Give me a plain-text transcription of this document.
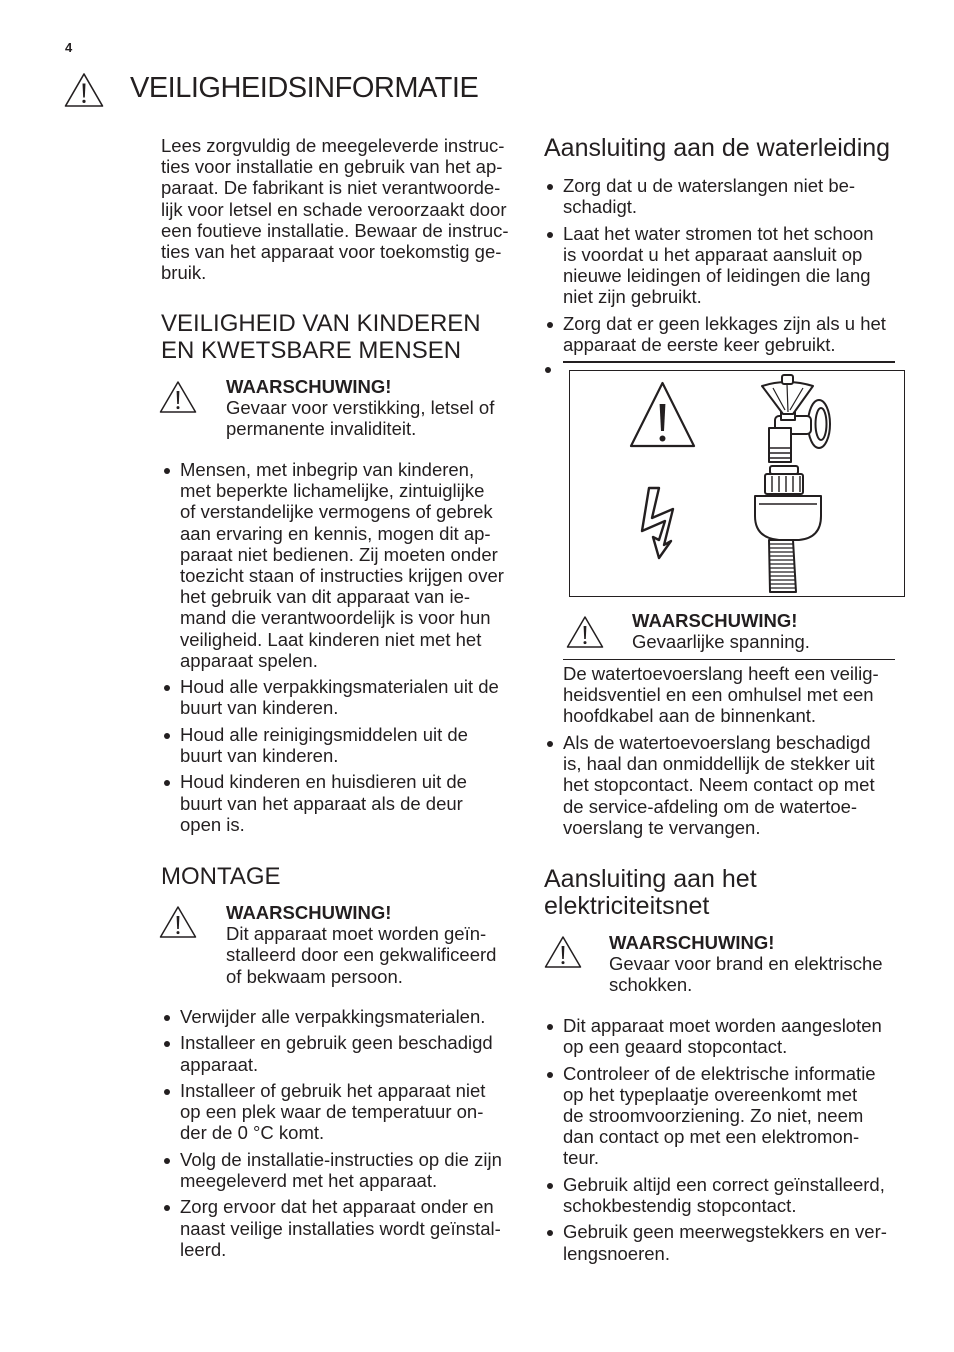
4
VEILIGHEIDSINFORMATIE

Lees zorgvuldig de meegeleverde instruc-
ties voor installatie en gebruik van het ap-
paraat. De fabrikant is niet verantwoorde-
lijk voor letsel en schade veroorzaakt door
een foutieve installatie. Bewaar de instruc-
ties van het apparaat voor toekomstig ge-
bruik.

VEILIGHEID VAN KINDEREN
EN KWETSBARE MENSEN
WAARSCHUWING!
Gevaar voor verstikking, letsel of
permanente invaliditeit.
Mensen, met inbegrip van kinderen,
met beperkte lichamelijke, zintuiglijke
of verstandelijke vermogens of gebrek
aan ervaring en kennis, mogen dit ap-
paraat niet bedienen. Zij moeten onder
toezicht staan of instructies krijgen over
het gebruik van dit apparaat van ie-
mand die verantwoordelijk is voor hun
veiligheid. Laat kinderen niet met het
apparaat spelen.
Houd alle verpakkingsmaterialen uit de
buurt van kinderen.
Houd alle reinigingsmiddelen uit de
buurt van kinderen.
Houd kinderen en huisdieren uit de
buurt van het apparaat als de deur
open is.
MONTAGE
WAARSCHUWING!
Dit apparaat moet worden geïn-
stalleerd door een gekwalificeerd
of bekwaam persoon.
Verwijder alle verpakkingsmaterialen.
Installeer en gebruik geen beschadigd
apparaat.
Installeer of gebruik het apparaat niet
op een plek waar de temperatuur on-
der de 0 °C komt.
Volg de installatie-instructies op die zijn
meegeleverd met het apparaat.
Zorg ervoor dat het apparaat onder en
naast veilige installaties wordt geïnstal-
leerd.
Aansluiting aan de waterleiding
Zorg dat u de waterslangen niet be-
schadigt.
Laat het water stromen tot het schoon
is voordat u het apparaat aansluit op
nieuwe leidingen of leidingen die lang
niet zijn gebruikt.
Zorg dat er geen lekkages zijn als u het
apparaat de eerste keer gebruikt.
WAARSCHUWING!
Gevaarlijke spanning.

De watertoevoerslang heeft een veilig-
heidsventiel en een omhulsel met een
hoofdkabel aan de binnenkant.

Als de watertoevoerslang beschadigd
is, haal dan onmiddellijk de stekker uit
het stopcontact. Neem contact op met
de service-afdeling om de watertoe-
voerslang te vervangen.
Aansluiting aan het
elektriciteitsnet
WAARSCHUWING!
Gevaar voor brand en elektrische
schokken.
Dit apparaat moet worden aangesloten
op een geaard stopcontact.
Controleer of de elektrische informatie
op het typeplaatje overeenkomt met
de stroomvoorziening. Zo niet, neem
dan contact op met een elektromon-
teur.
Gebruik altijd een correct geïnstalleerd,
schokbestendig stopcontact.
Gebruik geen meerwegstekkers en ver-
lengsnoeren.
